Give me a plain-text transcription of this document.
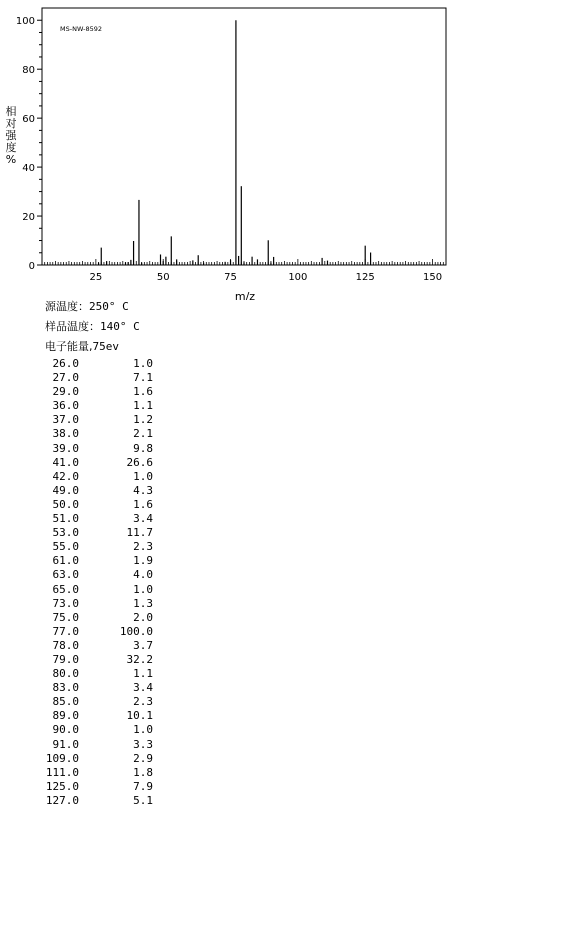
MS-NW-8592
0
20
40
60
80
100
25	50	75	100	125	150
m/z
相
对
强
度
%
源温度：250° C
样品温度：140° C
电子能量,75ev
26.0	1.0
27.0	7.1
29.0	1.6
36.0	1.1
37.0	1.2
38.0	2.1
39.0	9.8
41.0	26.6
42.0	1.0
49.0	4.3
50.0	1.6
51.0	3.4
53.0	11.7
55.0	2.3
61.0	1.9
63.0	4.0
65.0	1.0
73.0	1.3
75.0	2.0
77.0	100.0
78.0	3.7
79.0	32.2
80.0	1.1
83.0	3.4
85.0	2.3
89.0	10.1
90.0	1.0
91.0	3.3
109.0	2.9
111.0	1.8
125.0	7.9
127.0	5.1
